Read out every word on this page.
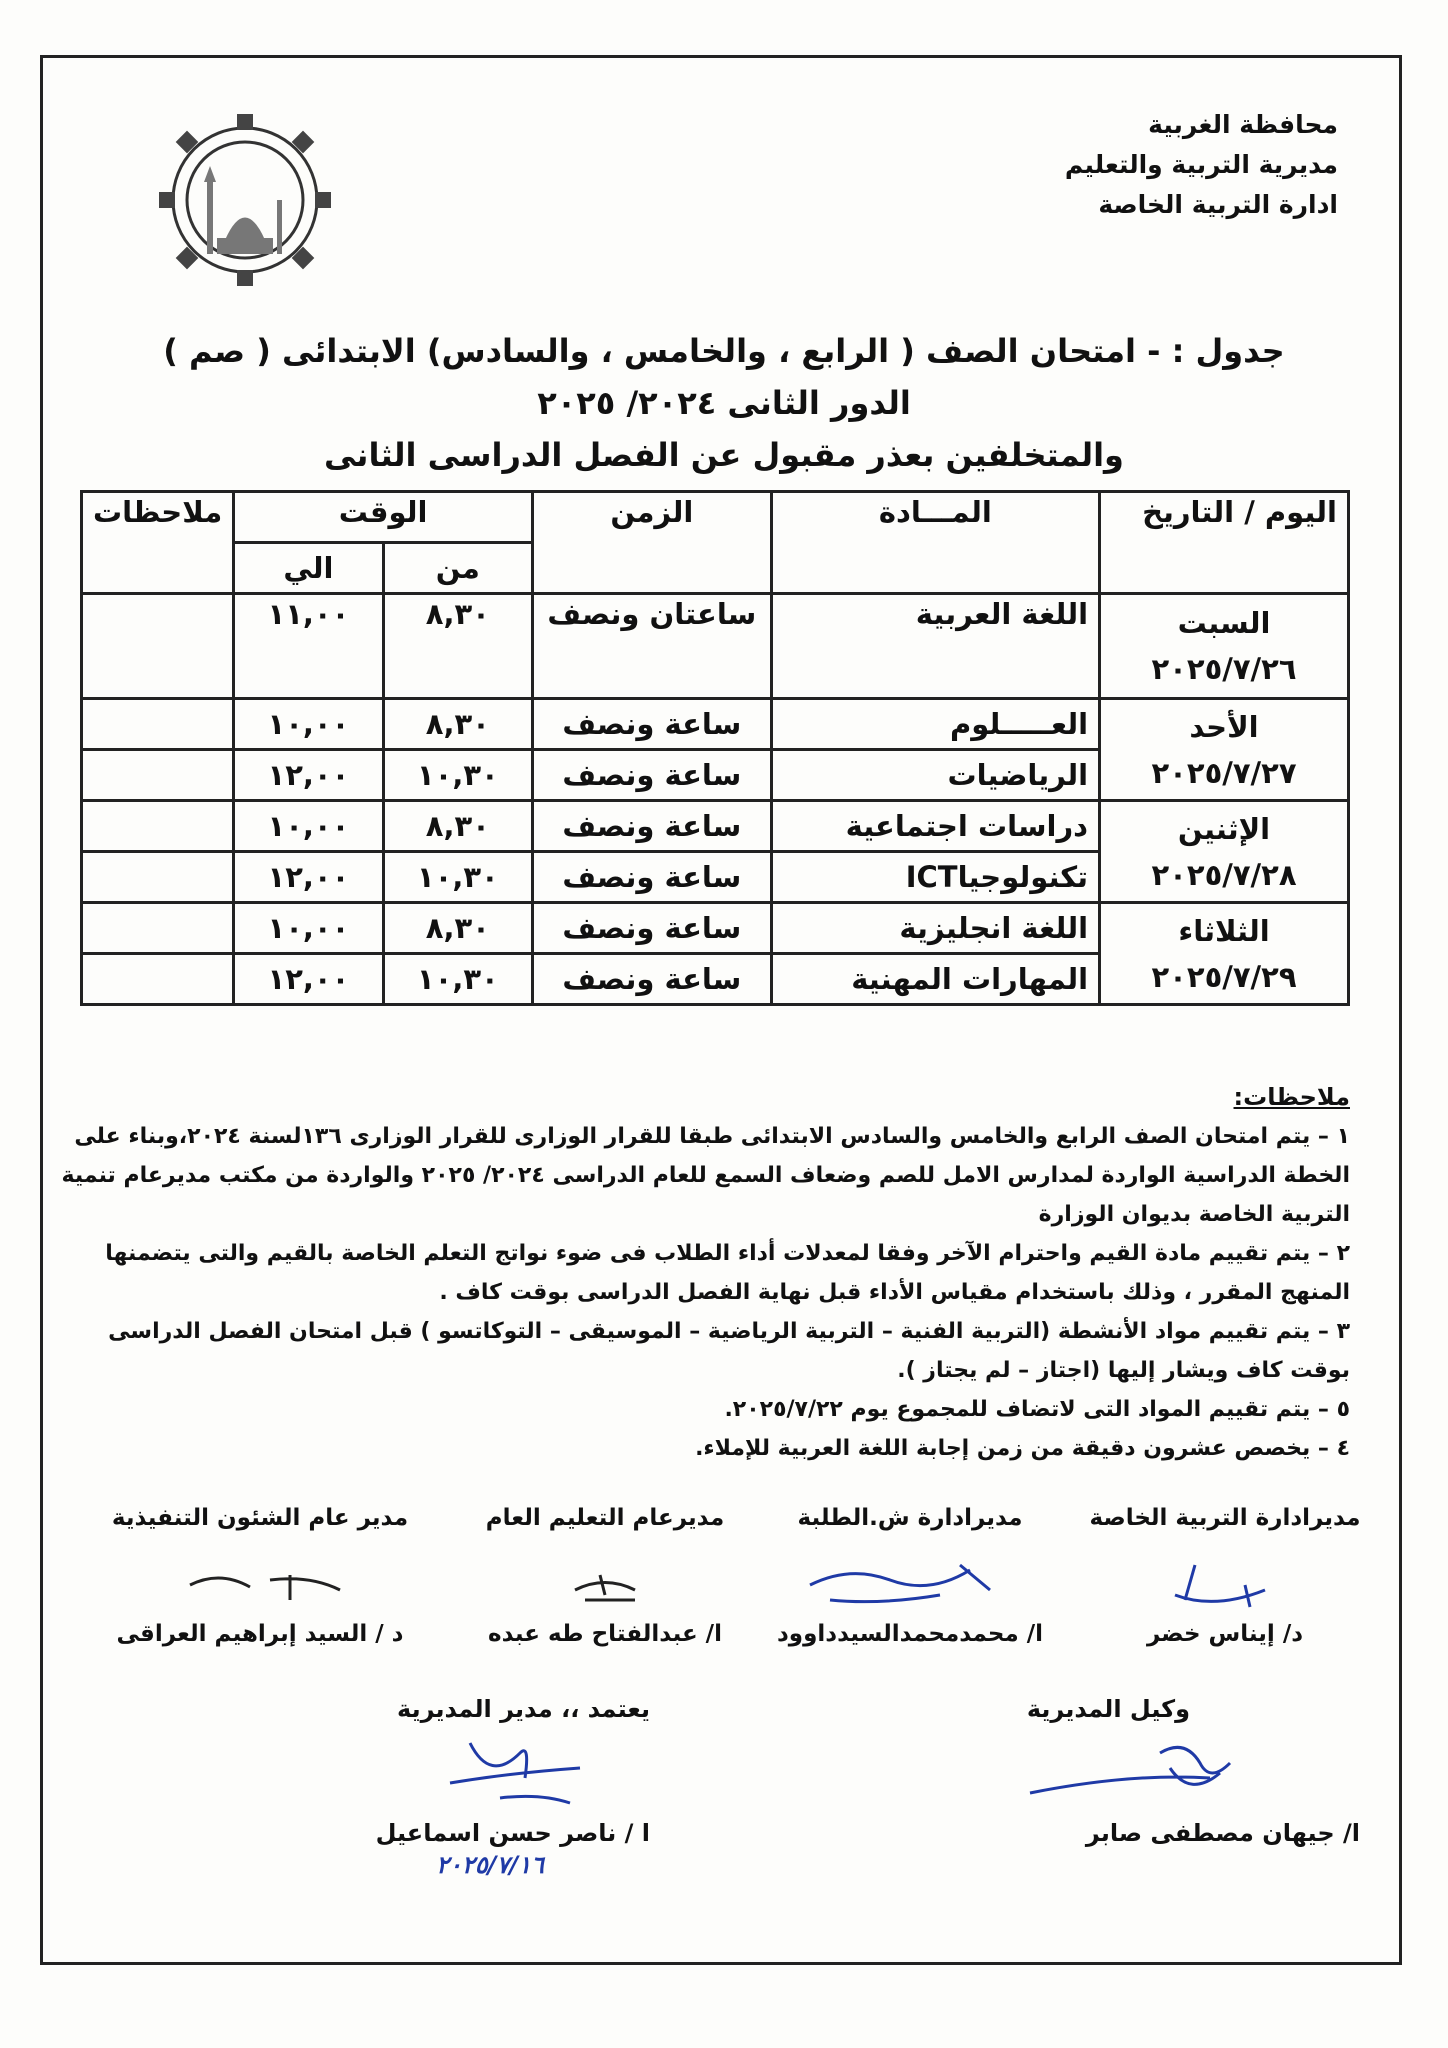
محافظة الغربية
مديرية التربية والتعليم
ادارة التربية الخاصة
جدول : - امتحان الصف ( الرابع ، والخامس ، والسادس) الابتدائى ( صم )
الدور الثانى ٢٠٢٤/ ٢٠٢٥
والمتخلفين بعذر مقبول عن الفصل الدراسى الثانى
اليوم / التاريخ	المـــادة	الزمن	الوقت		ملاحظات
			من	الي	

السبت
٢٠٢٥/٧/٢٦	اللغة العربية	ساعتان ونصف	٨,٣٠	١١,٠٠	

الأحد
٢٠٢٥/٧/٢٧	العـــــلوم	ساعة ونصف	٨,٣٠	١٠,٠٠	
	الرياضيات	ساعة ونصف	١٠,٣٠	١٢,٠٠	

الإثنين
٢٠٢٥/٧/٢٨	دراسات اجتماعية	ساعة ونصف	٨,٣٠	١٠,٠٠	
	تكنولوجياICT	ساعة ونصف	١٠,٣٠	١٢,٠٠	

الثلاثاء
٢٠٢٥/٧/٢٩	اللغة انجليزية	ساعة ونصف	٨,٣٠	١٠,٠٠	
	المهارات المهنية	ساعة ونصف	١٠,٣٠	١٢,٠٠	
ملاحظات:
١ – يتم امتحان الصف الرابع والخامس والسادس الابتدائى طبقا للقرار الوزارى للقرار الوزارى ١٣٦لسنة ٢٠٢٤،وبناء على الخطة الدراسية الواردة لمدارس الامل للصم وضعاف السمع للعام الدراسى ٢٠٢٤/ ٢٠٢٥ والواردة من مكتب مديرعام تنمية التربية الخاصة بديوان الوزارة
٢ – يتم تقييم مادة القيم واحترام الآخر وفقا لمعدلات أداء الطلاب فى ضوء نواتج التعلم الخاصة بالقيم والتى يتضمنها المنهج المقرر ، وذلك باستخدام مقياس الأداء قبل نهاية الفصل الدراسى بوقت كاف .
٣ – يتم تقييم مواد الأنشطة (التربية الفنية – التربية الرياضية – الموسيقى – التوكاتسو ) قبل امتحان الفصل الدراسى بوقت كاف ويشار إليها (اجتاز – لم يجتاز ).
٥ – يتم تقييم المواد التى لاتضاف للمجموع يوم ٢٠٢٥/٧/٢٢.
٤ – يخصص عشرون دقيقة من زمن إجابة اللغة العربية للإملاء.
مديرادارة التربية الخاصة
د/ إيناس خضر
مديرادارة ش.الطلبة
ا/ محمدمحمدالسيدداوود
مديرعام التعليم العام
ا/ عبدالفتاح طه عبده
مدير عام الشئون التنفيذية
د / السيد إبراهيم العراقى
وكيل المديرية
ا/ جيهان مصطفى صابر
يعتمد ،، مدير المديرية
ا / ناصر حسن اسماعيل
٢٠٢٥/٧/١٦
